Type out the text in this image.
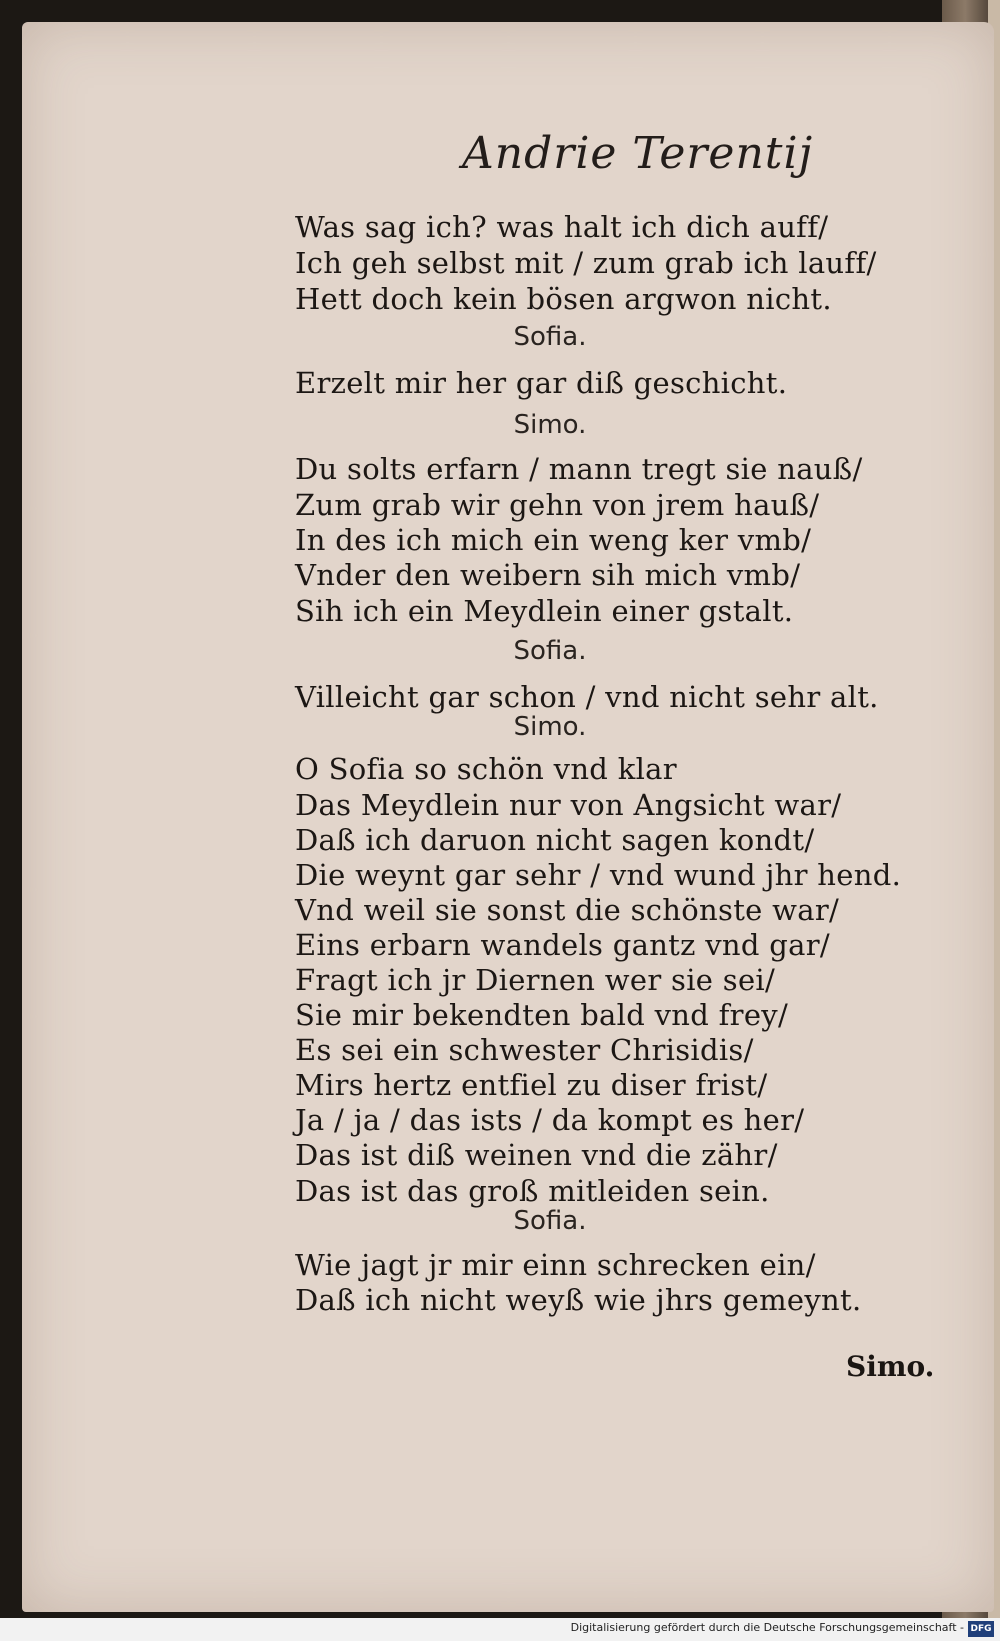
Andrie Terentij
Was sag ich? was halt ich dich auff/
Ich geh selbst mit / zum grab ich lauff/
Hett doch kein bösen argwon nicht.
Sofia.
Erzelt mir her gar diß geschicht.
Simo.
Du solts erfarn / mann tregt sie nauß/
Zum grab wir gehn von jrem hauß/
In des ich mich ein weng ker vmb/
Vnder den weibern sih mich vmb/
Sih ich ein Meydlein einer gstalt.
Sofia.
Villeicht gar schon / vnd nicht sehr alt.
Simo.
O Sofia so schön vnd klar
Das Meydlein nur von Angsicht war/
Daß ich daruon nicht sagen kondt/
Die weynt gar sehr / vnd wund jhr hend.
Vnd weil sie sonst die schönste war/
Eins erbarn wandels gantz vnd gar/
Fragt ich jr Diernen wer sie sei/
Sie mir bekendten bald vnd frey/
Es sei ein schwester Chrisidis/
Mirs hertz entfiel zu diser frist/
Ja / ja / das ists / da kompt es her/
Das ist diß weinen vnd die zähr/
Das ist das groß mitleiden sein.
Sofia.
Wie jagt jr mir einn schrecken ein/
Daß ich nicht weyß wie jhrs gemeynt.
Simo.
Digitalisierung gefördert durch die Deutsche Forschungsgemeinschaft - DFG
